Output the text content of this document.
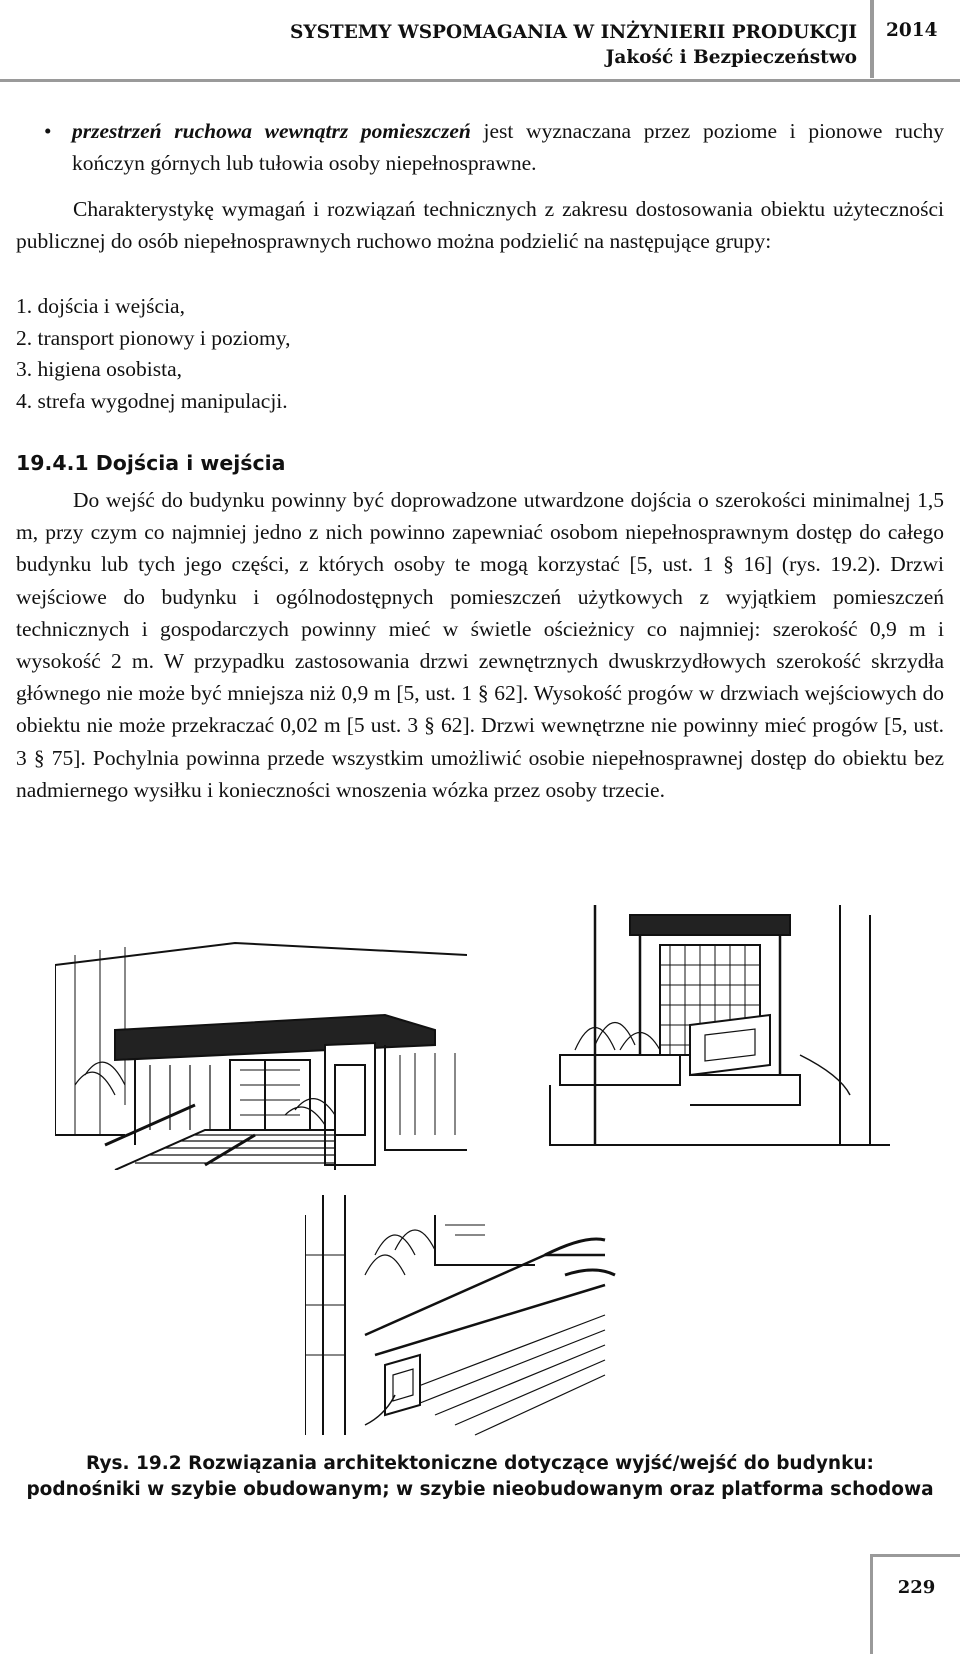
SYSTEMY WSPOMAGANIA W INŻYNIERII PRODUKCJI
Jakość i Bezpieczeństwo
2014
• przestrzeń ruchowa wewnątrz pomieszczeń jest wyznaczana przez poziome i pionowe ruchy kończyn górnych lub tułowia osoby niepełnosprawne.
Charakterystykę wymagań i rozwiązań technicznych z zakresu dostosowania obiektu użyteczności publicznej do osób niepełnosprawnych ruchowo można podzielić na następujące grupy:
1. dojścia i wejścia,
2. transport pionowy i poziomy,
3. higiena osobista,
4. strefa wygodnej manipulacji.
19.4.1 Dojścia i wejścia
Do wejść do budynku powinny być doprowadzone utwardzone dojścia o szerokości minimalnej 1,5 m, przy czym co najmniej jedno z nich powinno zapewniać osobom niepełnosprawnym dostęp do całego budynku lub tych jego części, z których osoby te mogą korzystać [5, ust. 1 § 16] (rys. 19.2). Drzwi wejściowe do budynku i ogólnodostępnych pomieszczeń użytkowych z wyjątkiem pomieszczeń technicznych i gospodarczych powinny mieć w świetle ościeżnicy co najmniej: szerokość 0,9 m i wysokość 2 m. W przypadku zastosowania drzwi zewnętrznych dwuskrzydłowych szerokość skrzydła głównego nie może być mniejsza niż 0,9 m [5, ust. 1 § 62]. Wysokość progów w drzwiach wejściowych do obiektu nie może przekraczać 0,02 m [5 ust. 3 § 62]. Drzwi wewnętrzne nie powinny mieć progów [5, ust. 3 § 75]. Pochylnia powinna przede wszystkim umożliwić osobie niepełnosprawnej dostęp do obiektu bez nadmiernego wysiłku i konieczności wnoszenia wózka przez osoby trzecie.
Rys. 19.2 Rozwiązania architektoniczne dotyczące wyjść/wejść do budynku:
podnośniki w szybie obudowanym; w szybie nieobudowanym oraz platforma schodowa
229
